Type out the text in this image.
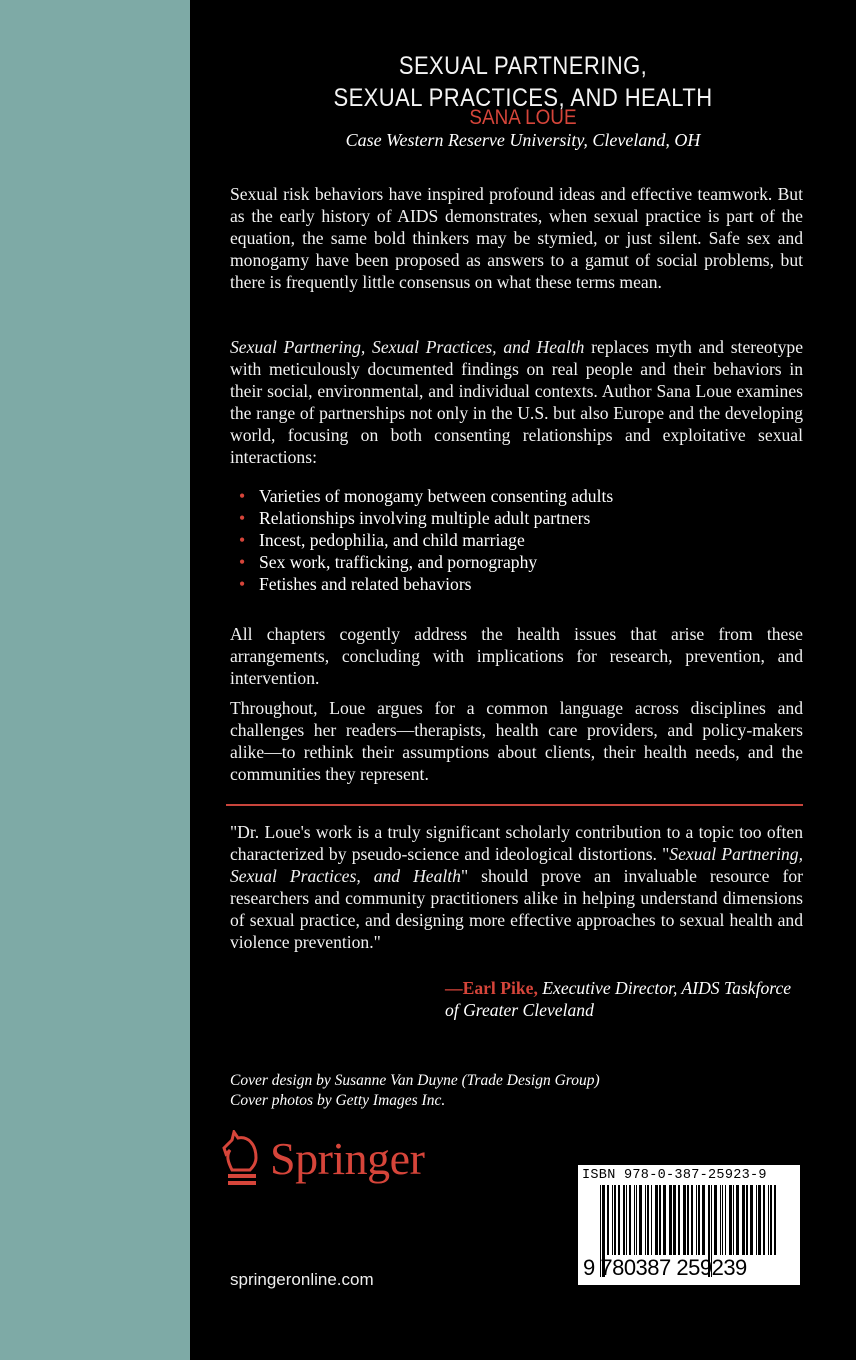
SEXUAL PARTNERING,
SEXUAL PRACTICES, AND HEALTH
SANA LOUE
Case Western Reserve University, Cleveland, OH

Sexual risk behaviors have inspired profound ideas and effective teamwork. But as the early history of AIDS demonstrates, when sexual practice is part of the equation, the same bold thinkers may be stymied, or just silent. Safe sex and monogamy have been proposed as answers to a gamut of social problems, but there is frequently little consensus on what these terms mean.

Sexual Partnering, Sexual Practices, and Health replaces myth and stereotype with meticulously documented findings on real people and their behaviors in their social, environmental, and individual contexts. Author Sana Loue examines the range of partnerships not only in the U.S. but also Europe and the developing world, focusing on both consenting relationships and exploitative sexual interactions:

• Varieties of monogamy between consenting adults
• Relationships involving multiple adult partners
• Incest, pedophilia, and child marriage
• Sex work, trafficking, and pornography
• Fetishes and related behaviors

All chapters cogently address the health issues that arise from these arrangements, concluding with implications for research, prevention, and intervention.

Throughout, Loue argues for a common language across disciplines and challenges her readers—therapists, health care providers, and policy-makers alike—to rethink their assumptions about clients, their health needs, and the communities they represent.

"Dr. Loue's work is a truly significant scholarly contribution to a topic too often characterized by pseudo-science and ideological distortions. "Sexual Partnering, Sexual Practices, and Health" should prove an invaluable resource for researchers and community practitioners alike in helping understand dimensions of sexual practice, and designing more effective approaches to sexual health and violence prevention."

—Earl Pike, Executive Director, AIDS Taskforce of Greater Cleveland
Cover design by Susanne Van Duyne (Trade Design Group)
Cover photos by Getty Images Inc.
Springer
springeronline.com
ISBN 978-0-387-25923-9
9 780387 259239
